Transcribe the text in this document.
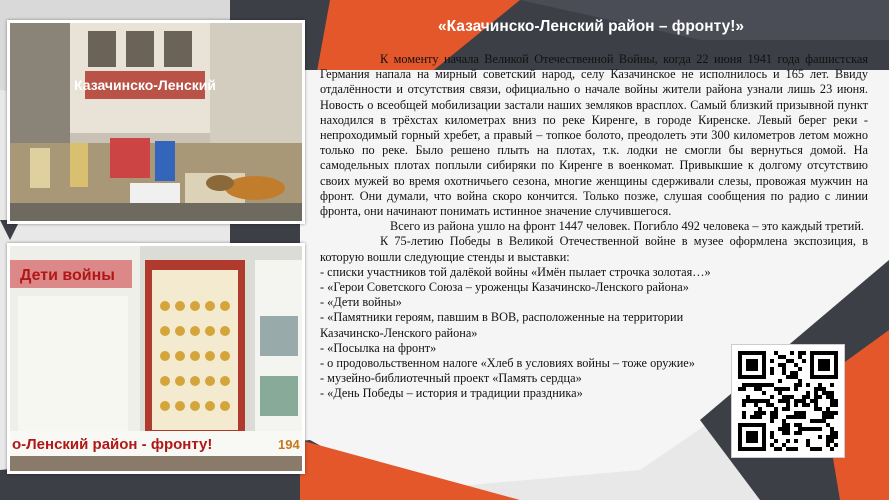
Казачинско-Ленский
Дети войны
о-Ленский район - фронту!	194
«Казачинско-Ленский район – фронту!»

К моменту начала Великой Отечественной Войны, когда 22 июня 1941 года фашистская Германия напала на мирный советский народ, селу Казачинское не исполнилось и 165 лет. Ввиду отдалённости и отсутствия связи, официально о начале войны жители района узнали лишь 23 июня. Новость о всеобщей мобилизации застали наших земляков врасплох. Самый близкий призывной пункт находился в трёхстах километрах вниз по реке Киренге, в городе Киренске. Левый берег реки - непроходимый горный хребет, а правый – топкое болото, преодолеть эти 300 километров летом можно только по реке. Было решено плыть на плотах, т.к. лодки не смогли бы вернуться домой. На самодельных плотах поплыли сибиряки по Киренге в военкомат. Привыкшие к долгому отсутствию своих мужей во время охотничьего сезона, многие женщины сдерживали слезы, провожая мужчин на фронт. Они думали, что война скоро кончится. Только позже, слушая сообщения по радио с линии фронта, они начинают понимать истинное значение случившегося.

Всего из района ушло на фронт 1447 человек. Погибло 492 человека – это каждый третий.

К 75-летию Победы в Великой Отечественной войне в музее оформлена экспозиция, в которую вошли следующие стенды и выставки:

- списки участников той далёкой войны «Имён пылает строчка золотая…»
- «Герои Советского Союза – уроженцы Казачинско-Ленского района»
- «Дети войны»
- «Памятники героям, павшим в ВОВ, расположенные на территории
Казачинско-Ленского района»
- «Посылка на фронт»
- о продовольственном налоге «Хлеб в условиях войны – тоже оружие»
- музейно-библиотечный проект «Память сердца»
- «День Победы – история и традиции праздника»
